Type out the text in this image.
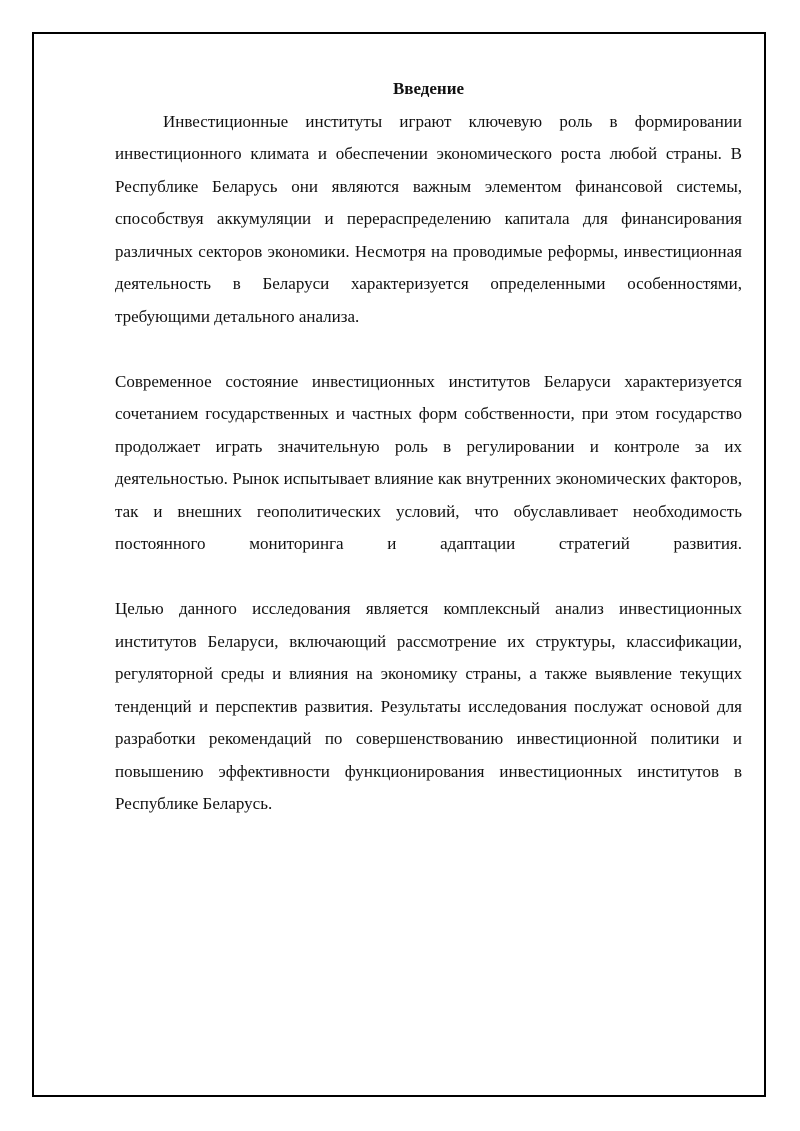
Введение

Инвестиционные институты играют ключевую роль в формировании инвестиционного климата и обеспечении экономического роста любой страны. В Республике Беларусь они являются важным элементом финансовой системы, способствуя аккумуляции и перераспределению капитала для финансирования различных секторов экономики. Несмотря на проводимые реформы, инвестиционная деятельность в Беларуси характеризуется определенными особенностями, требующими детального анализа.

Современное состояние инвестиционных институтов Беларуси характеризуется сочетанием государственных и частных форм собственности, при этом государство продолжает играть значительную роль в регулировании и контроле за их деятельностью. Рынок испытывает влияние как внутренних экономических факторов, так и внешних геополитических условий, что обуславливает необходимость постоянного мониторинга и адаптации стратегий развития.

Целью данного исследования является комплексный анализ инвестиционных институтов Беларуси, включающий рассмотрение их структуры, классификации, регуляторной среды и влияния на экономику страны, а также выявление текущих тенденций и перспектив развития. Результаты исследования послужат основой для разработки рекомендаций по совершенствованию инвестиционной политики и повышению эффективности функционирования инвестиционных институтов в Республике Беларусь.
